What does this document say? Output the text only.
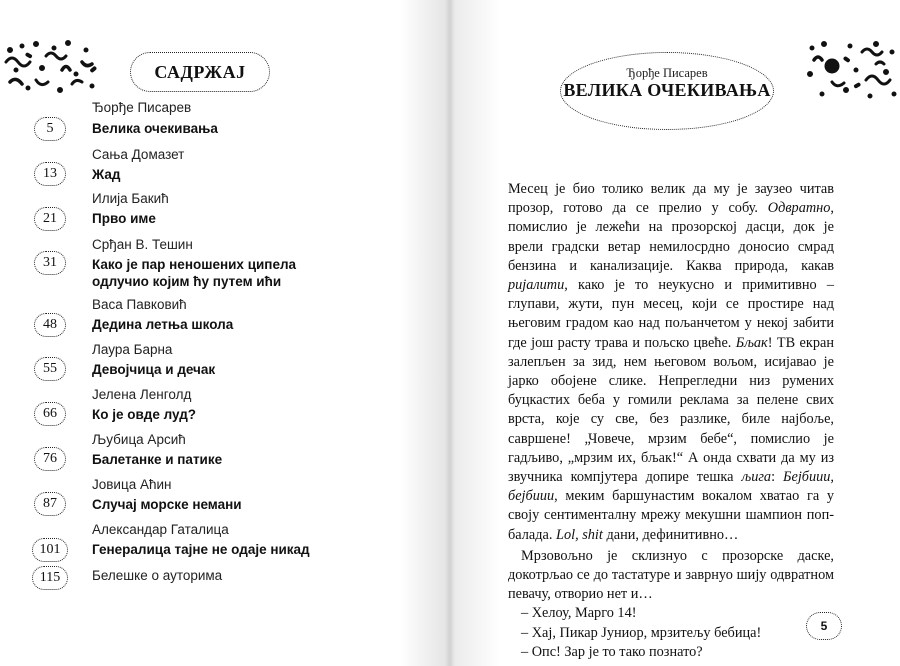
САДРЖАЈ
Ђорђе Писарев
5	Велика очекивања
Сања Домазет
13	Жад
Илија Бакић
21	Прво име
Срђан В. Тешин
31	Како је пар неношених ципела
одлучио којим ћу путем ићи
Васа Павковић
48	Дедина летња школа
Лаура Барна
55	Девојчица и дечак
Јелена Ленголд
66	Ко је овде луд?
Љубица Арсић
76	Балетанке и патике
Јовица Аћин
87	Случај морске немани
Александар Гаталица
101	Генералица тајне не одаје никад
115	Белешке о ауторима
Ђорђе Писарев
ВЕЛИКА ОЧЕКИВАЊА

Месец је био толико велик да му је заузео читав прозор, готово да се прелио у собу. Одвратно, помислио је лежећи на прозорској дасци, док је врели градски ветар немилосрдно доносио смрад бензина и канализације. Каква природа, какав ријалити, како је то неукусно и примитивно – глупави, жути, пун месец, који се простире над његовим градом као над пољанчетом у некој забити где још расту трава и пољско цвеће. Бљак! ТВ екран залепљен за зид, нем његовом вољом, исијавао је јарко обојене слике. Непрегледни низ румених буцкастих беба у гомили реклама за пелене свих врста, које су све, без разлике, биле најбоље, савршене! „Човече, мрзим бебе“, помислио је гадљиво, „мрзим их, бљак!“ А онда схвати да му из звучника компјутера допире тешка љига: Бејбиии, бејбиии, меким баршунастим вокалом хватао га у своју сентименталну мрежу мекушни шампион поп-балада. Lol, shit дани, дефинитивно…

Мрзовољно је склизнуо с прозорске даске, докотрљао се до тастатуре и заврнуо шију одвратном певачу, отворио нет и…

– Хелоу, Марго 14!

– Хај, Пикар Јуниор, мрзитељу бебица!

– Опс! Зар је то тако познато?

5
